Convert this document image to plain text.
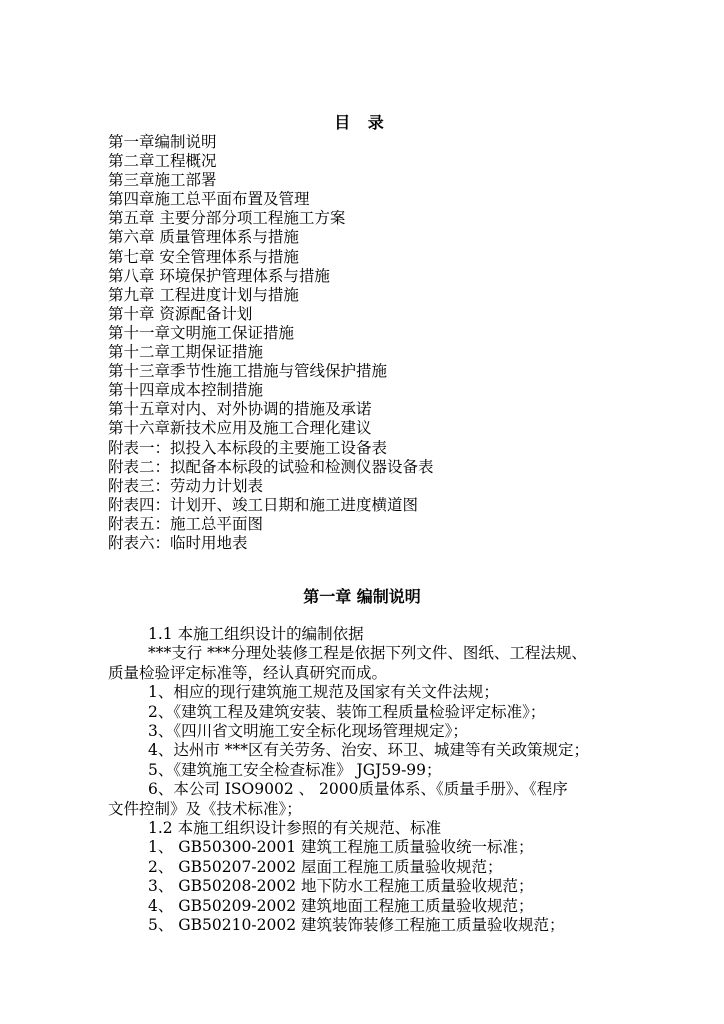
目 录
第一章编制说明
第二章工程概况
第三章施工部署
第四章施工总平面布置及管理
第五章 主要分部分项工程施工方案
第六章 质量管理体系与措施
第七章 安全管理体系与措施
第八章 环境保护管理体系与措施
第九章 工程进度计划与措施
第十章 资源配备计划
第十一章文明施工保证措施
第十二章工期保证措施
第十三章季节性施工措施与管线保护措施
第十四章成本控制措施
第十五章对内、对外协调的措施及承诺
第十六章新技术应用及施工合理化建议
附表一：拟投入本标段的主要施工设备表
附表二：拟配备本标段的试验和检测仪器设备表
附表三：劳动力计划表
附表四：计划开、竣工日期和施工进度横道图
附表五：施工总平面图
附表六：临时用地表
第一章 编制说明

1.1 本施工组织设计的编制依据

***支行 ***分理处装修工程是依据下列文件、图纸、工程法规、

质量检验评定标准等，经认真研究而成。

1、相应的现行建筑施工规范及国家有关文件法规；

2、《建筑工程及建筑安装、装饰工程质量检验评定标准》；

3、《四川省文明施工安全标化现场管理规定》；

4、达州市 ***区有关劳务、治安、环卫、城建等有关政策规定；

5、《建筑施工安全检查标准》 JGJ59-99；

6、本公司 ISO9002 、 2000质量体系、《质量手册》、《程序

文件控制》及《技术标准》；

1.2 本施工组织设计参照的有关规范、标准

1、 GB50300-2001 建筑工程施工质量验收统一标准；

2、 GB50207-2002 屋面工程施工质量验收规范；

3、 GB50208-2002 地下防水工程施工质量验收规范；

4、 GB50209-2002 建筑地面工程施工质量验收规范；

5、 GB50210-2002 建筑装饰装修工程施工质量验收规范；
